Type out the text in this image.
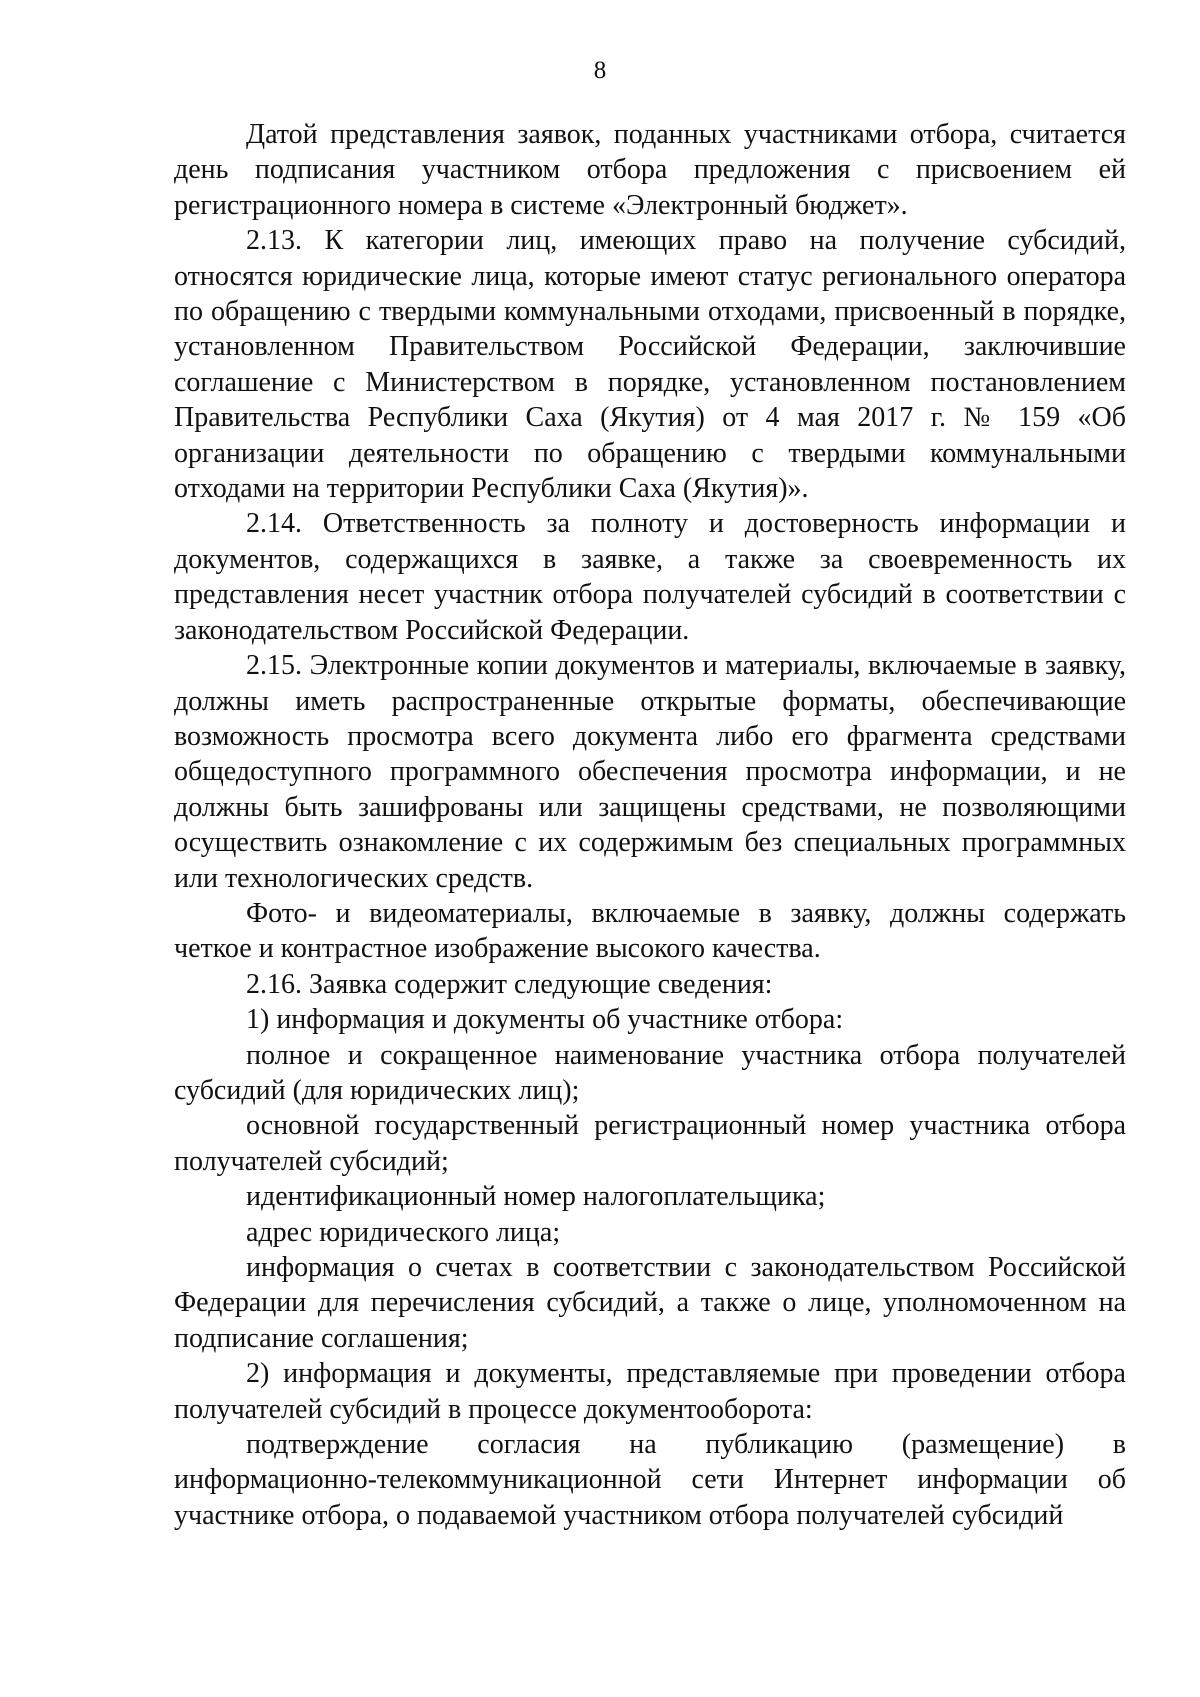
8

Датой представления заявок, поданных участниками отбора, считается день подписания участником отбора предложения с присвоением ей регистрационного номера в системе «Электронный бюджет».

2.13. К категории лиц, имеющих право на получение субсидий, относятся юридические лица, которые имеют статус регионального оператора по обращению с твердыми коммунальными отходами, присвоенный в порядке, установленном Правительством Российской Федерации, заключившие соглашение с Министерством в порядке, установленном постановлением Правительства Республики Саха (Якутия) от 4 мая 2017 г. № 159 «Об организации деятельности по обращению с твердыми коммунальными отходами на территории Республики Саха (Якутия)».

2.14. Ответственность за полноту и достоверность информации и документов, содержащихся в заявке, а также за своевременность их представления несет участник отбора получателей субсидий в соответствии с законодательством Российской Федерации.

2.15. Электронные копии документов и материалы, включаемые в заявку, должны иметь распространенные открытые форматы, обеспечивающие возможность просмотра всего документа либо его фрагмента средствами общедоступного программного обеспечения просмотра информации, и не должны быть зашифрованы или защищены средствами, не позволяющими осуществить ознакомление с их содержимым без специальных программных или технологических средств.

Фото- и видеоматериалы, включаемые в заявку, должны содержать четкое и контрастное изображение высокого качества.

2.16. Заявка содержит следующие сведения:

1) информация и документы об участнике отбора:

полное и сокращенное наименование участника отбора получателей субсидий (для юридических лиц);

основной государственный регистрационный номер участника отбора получателей субсидий;

идентификационный номер налогоплательщика;

адрес юридического лица;

информация о счетах в соответствии с законодательством Российской Федерации для перечисления субсидий, а также о лице, уполномоченном на подписание соглашения;

2) информация и документы, представляемые при проведении отбора получателей субсидий в процессе документооборота:

подтверждение согласия на публикацию (размещение) в информационно-телекоммуникационной сети Интернет информации об участнике отбора, о подаваемой участником отбора получателей субсидий
